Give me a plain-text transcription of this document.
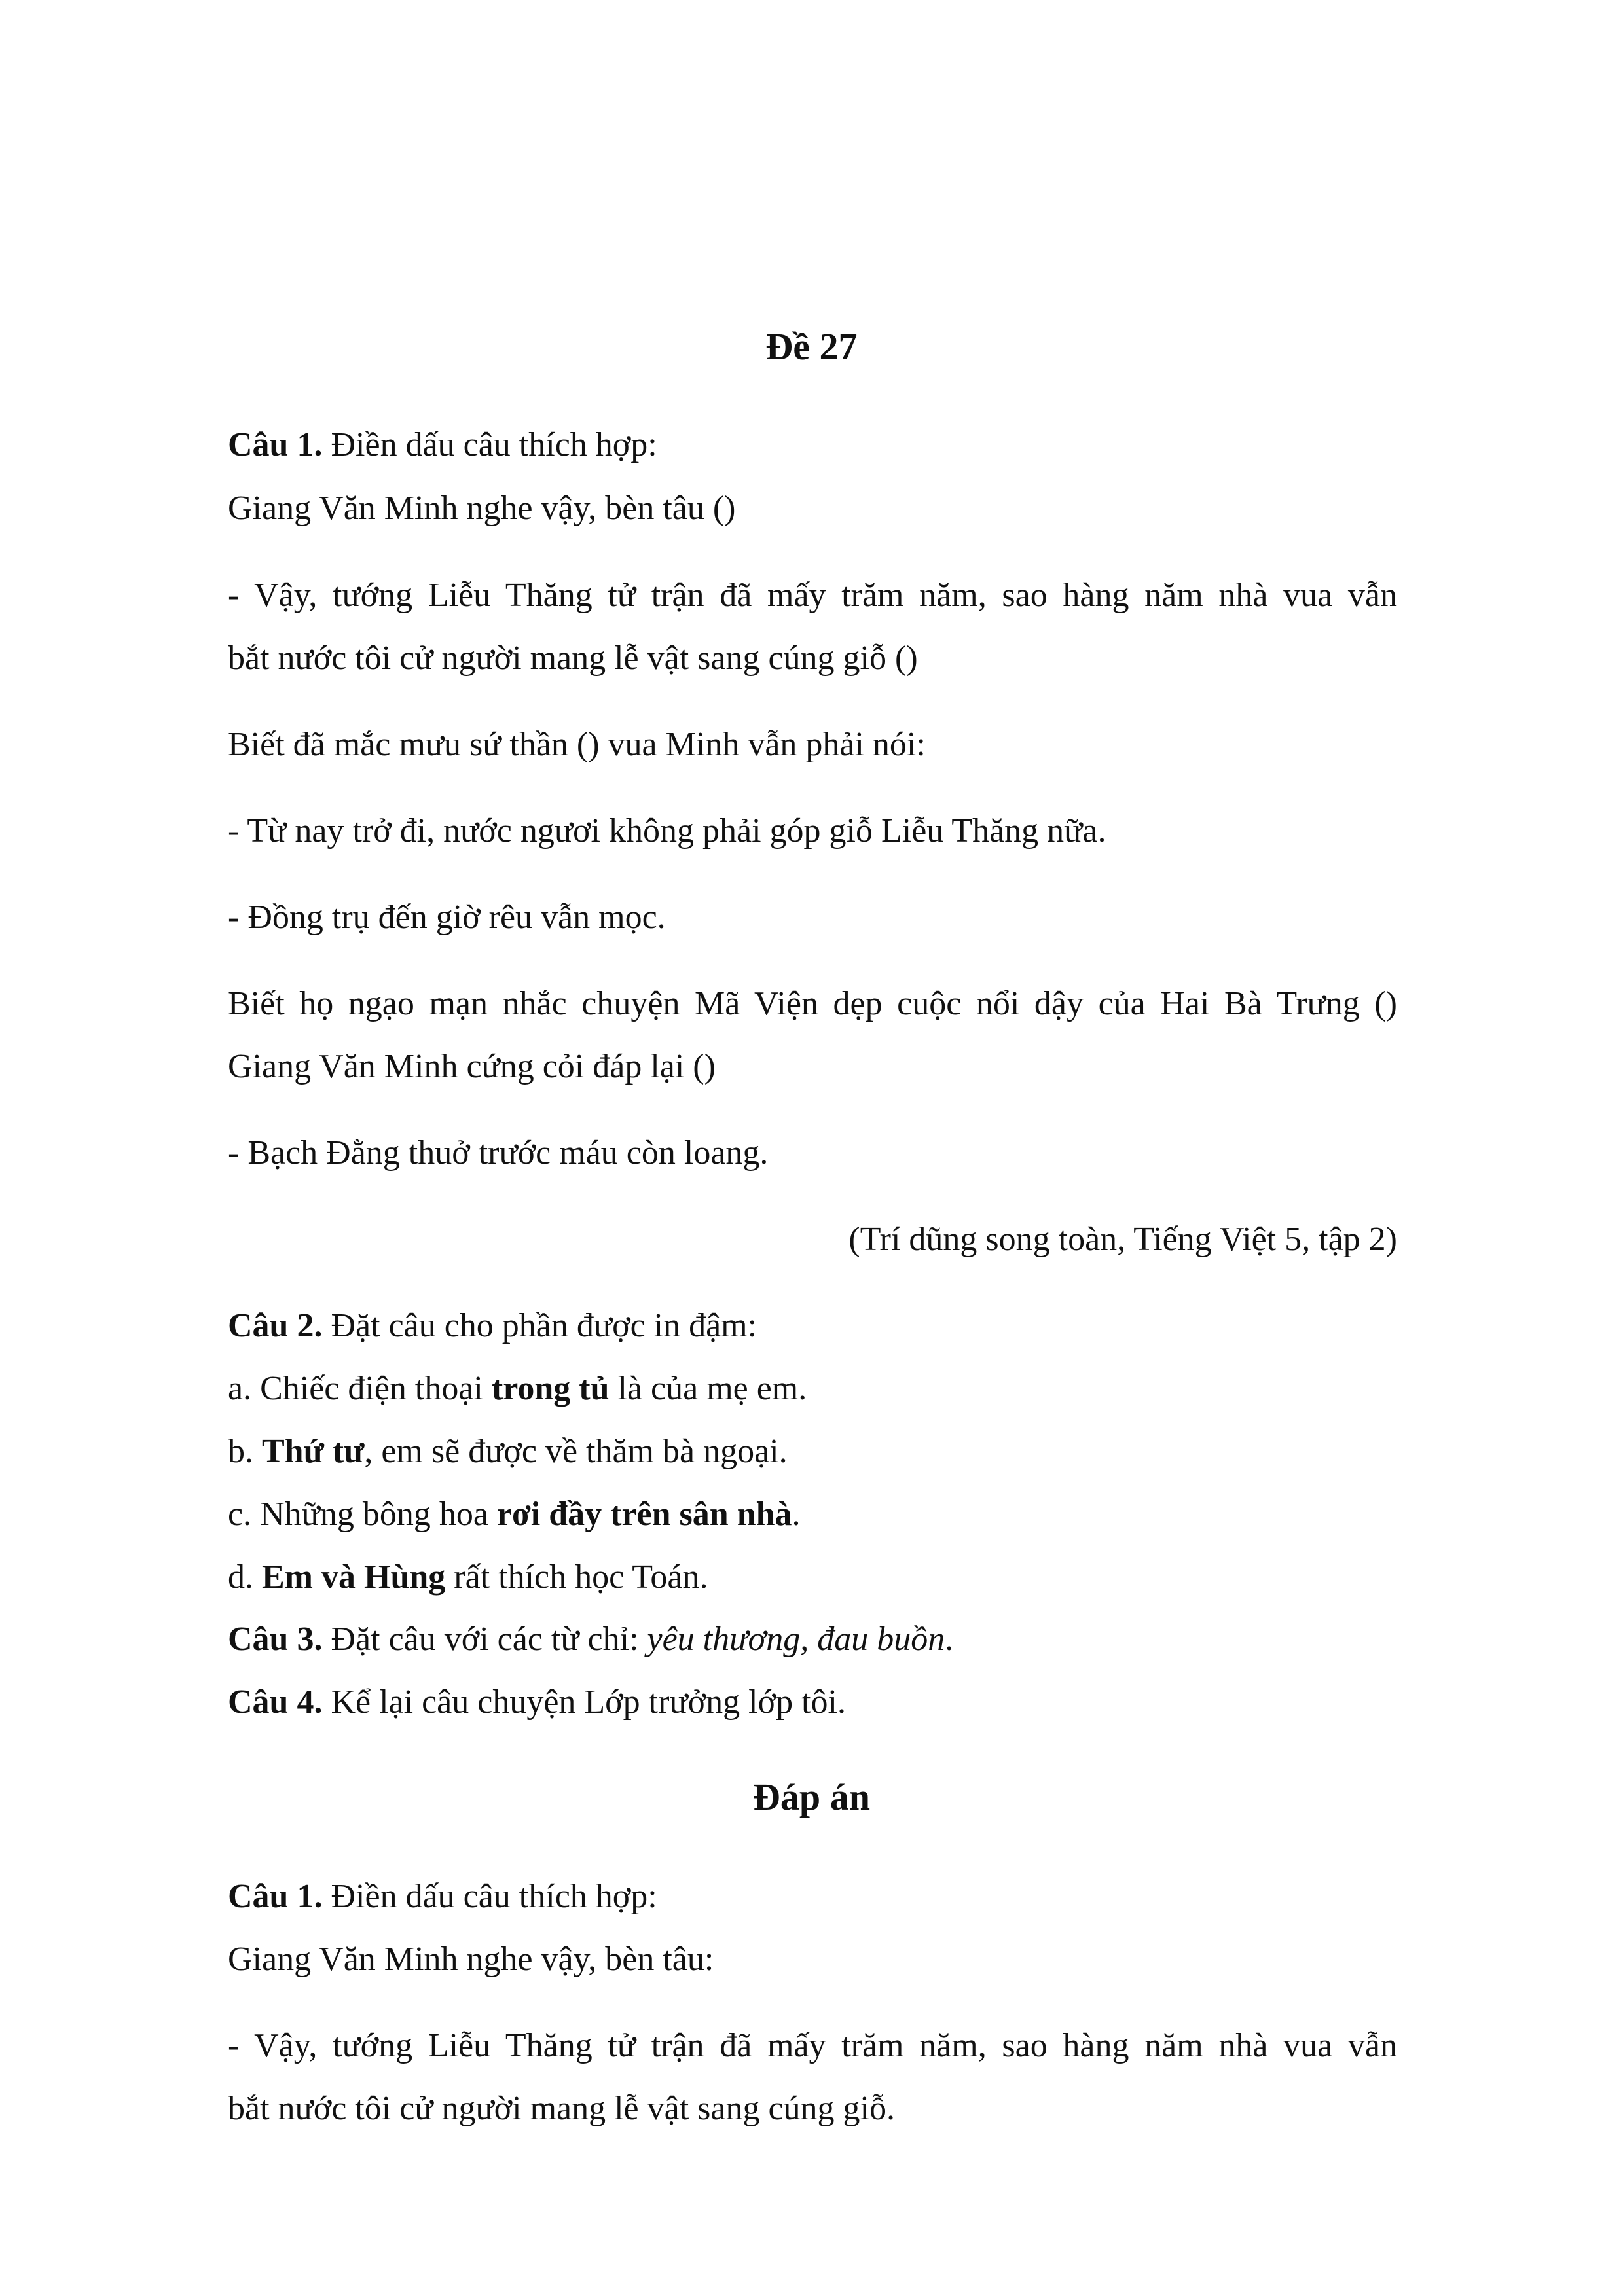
Đề 27
Câu 1. Điền dấu câu thích hợp:
Giang Văn Minh nghe vậy, bèn tâu ()
- Vậy, tướng Liễu Thăng tử trận đã mấy trăm năm, sao hàng năm nhà vua vẫn
bắt nước tôi cử người mang lễ vật sang cúng giỗ ()
Biết đã mắc mưu sứ thần () vua Minh vẫn phải nói:
- Từ nay trở đi, nước ngươi không phải góp giỗ Liễu Thăng nữa.
- Đồng trụ đến giờ rêu vẫn mọc.
Biết họ ngạo mạn nhắc chuyện Mã Viện dẹp cuộc nổi dậy của Hai Bà Trưng ()
Giang Văn Minh cứng cỏi đáp lại ()
- Bạch Đằng thuở trước máu còn loang.
(Trí dũng song toàn, Tiếng Việt 5, tập 2)
Câu 2. Đặt câu cho phần được in đậm:
a. Chiếc điện thoại trong tủ là của mẹ em.
b. Thứ tư, em sẽ được về thăm bà ngoại.
c. Những bông hoa rơi đầy trên sân nhà.
d. Em và Hùng rất thích học Toán.
Câu 3. Đặt câu với các từ chỉ: yêu thương, đau buồn.
Câu 4. Kể lại câu chuyện Lớp trưởng lớp tôi.
Đáp án
Câu 1. Điền dấu câu thích hợp:
Giang Văn Minh nghe vậy, bèn tâu:
- Vậy, tướng Liễu Thăng tử trận đã mấy trăm năm, sao hàng năm nhà vua vẫn
bắt nước tôi cử người mang lễ vật sang cúng giỗ.
